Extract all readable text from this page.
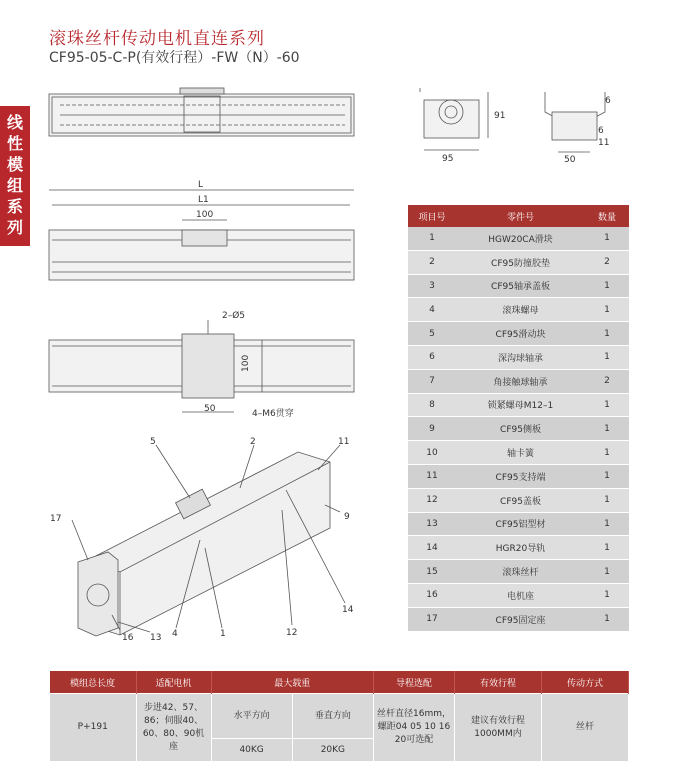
滚珠丝杆传动电机直连系列
CF95-05-C-P(有效行程）-FW（N）-60
线
性
模
组
系
列
95
91
6
6
11
50
L
L1
100
2–Ø5
100
50	4–M6贯穿
5	2	11
17	9
14
12
16 13 4	1
项目号	零件号	数量
1	HGW20CA滑块	1
2	CF95防撞胶垫	2
3	CF95轴承盖板	1
4	滚珠螺母	1
5	CF95滑动块	1
6	深沟球轴承	1
7	角接触球轴承	2
8	锁紧螺母M12–1	1
9	CF95侧板	1
10	轴卡簧	1
11	CF95支持端	1
12	CF95盖板	1
13	CF95铝型材	1
14	HGR20导轨	1
15	滚珠丝杆	1
16	电机座	1
17	CF95固定座	1
模组总长度	适配电机	最大载重		导程选配	有效行程	传动方式
P+191	步进42、57、86；伺服40、60、80、90机座	水平方向	垂直方向	丝杆直径16mm，螺距04 05 10 16 20可选配	建议有效行程1000MM内	丝杆
		40KG	20KG			
